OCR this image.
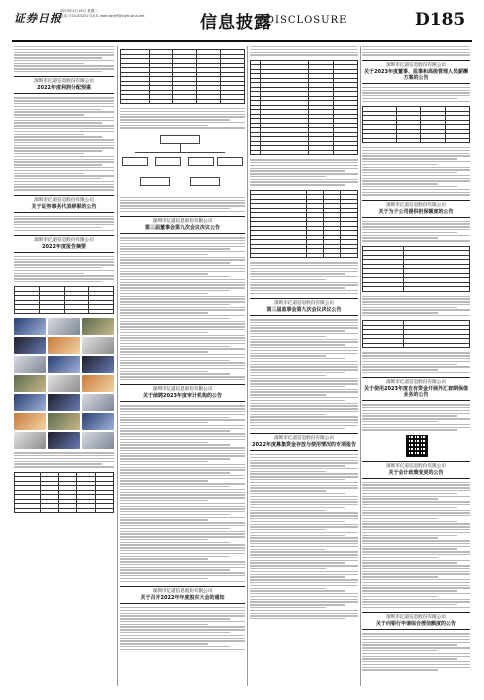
证券日报
2023年4月18日 星期二
电话: 010-83251716 E-mail:zqrb9@zqrb.sina.net	信息披露
DISCLOSURE	D185
深圳市亿道信息股份有限公司
2022年度利润分配预案
深圳市亿道信息股份有限公司
关于证券事务代表辞职的公告
深圳市亿道信息股份有限公司
2022年度报告摘要
深圳市亿道信息股份有限公司
第三届董事会第九次会议决议公告
深圳市亿道信息股份有限公司
关于续聘2023年度审计机构的公告
深圳市亿道信息股份有限公司
关于召开2022年年度股东大会的通知
深圳市亿道信息股份有限公司
第三届监事会第九次会议决议公告
深圳市亿道信息股份有限公司
2022年度募集资金存放与使用情况的专项报告
深圳市亿道信息股份有限公司
关于2023年度董事、监事和高级管理人员薪酬方案的公告
深圳市亿道信息股份有限公司
关于为子公司提供担保额度的公告
深圳市亿道信息股份有限公司
关于使用2023年度自有资金开展外汇套期保值业务的公告
深圳市亿道信息股份有限公司
关于会计政策变更的公告
深圳市亿道信息股份有限公司
关于向银行申请综合授信额度的公告
